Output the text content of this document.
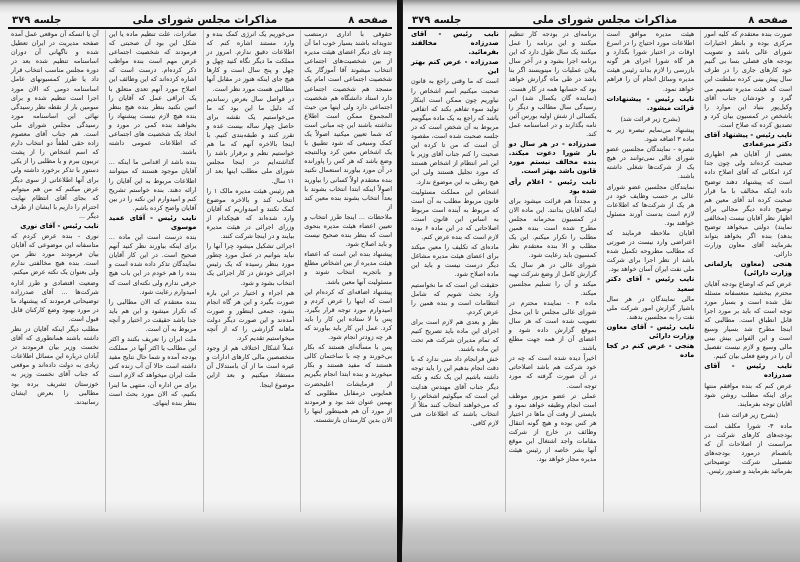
صفحه ۸
مذاکرات مجلس شورای ملی
جلسه ۳۷۹

حقوقی با اداری درمنصب تدویدانه باشند بسیار خوب اما آن چند تای دیگر اعضای هیئت مدیره از بین شخصیت‌های اجتماعی انتخاب میشوند آقا آموزگار یک شخصیت اجتماعی است امام یک مسجد هم شخصیت اجتماعی دارد استاد دانشگاه هم شخصیت اجتماعی دارد ولی اینها من حیث المجموع ممکن است اطلاع نداشته باشند این چه مبانی است که شما تعیین میکنید اصولاً یک کمک وسیعی که شود تطبیق با یک اشخاص معین کرد وبالنتیجه وضع باشد که هر کس را پاورانده در آن مورد بیاورند استعمال نکنید بنده معتقدم اولاً کسانی را بیاورید اصولاً اینکه ابتدا انتخاب بشوند با بعداً انتخاب بشوند بنده معین کند از

ملاحظات ... اینجا طرز انتخاب و تعیین اعضاء هیئت مدیره بنحوی است که بنظر بنده صحیح نیست و باید اصلاح شود.

پیشنهاد بنده این است که اعضاء هیئت مدیره از بین اشخاص مطلع و باتجربه انتخاب شوند و مسئولیت آنها معین باشد.

پیشنهاد اضافه‌ای که کرده‌ام این است که اینها را عرض کردم و امیدوارم مورد توجه قرار بگیرد. پس با لا ستاده این کار را باید کرد. عمل این کار باید بیاورند که هر چه زودتر انجام شود.

پس با مسأله‌ای هستند که بکار بی‌خورند و چه با ساختمان کالی هستند که مفید هستند و بکار میخورند و بنده ابتدا انجام بگیریم از فرمایشات اعلیحضرت همایونی درمقابل مطلوبی که بهمین عنوان شد بود و فرمودند از مورد آن هم همینطور اینها را الان بدین کارمندان بازنشسته.

می‌خوریم یک انرژی کمک بنده و وارد مستند اشاره کنم که اطلاعات دقیق ندارم. امروز در مملکت ما دیگر نگاه کنید چهل و چهل و پنج سال است و کارها هیچ جای اینکه هنوز در مقابل آنها مطالبی هست مورد نظر است.

در فواصل سال بعرض رساندیم که دلیل ما این بود که ما می‌خواستیم یک نقشه برای حاصل چهار ساله بیست عده و تقرر کنند و طبقه‌بندی کنیم. با اینجا بالاخره آنهم که ما هم خواستیم نظم و برقرار باشد را گذاشته‌ایم در اینجا مجلس شورای ملی مطلب اینها بعد از ۱۱ سال.

هم رئیس هیئت مدیره مالک ۱ را انتخاب کند و بالاخره موضوع کمک نکنند و امیدواریم که آقایان وارد شده‌اند که هیچکدام از وزرای اجرائی در هیئت مدیره بیایند و در اینجا شرکت کنند.

اجرائی تشکیل میشود چرا آنها را نباید بتوانیم در عمل مورد چطور مورد بنظر رسیده که یک رئیس اجرائی خودش در کار اجرائی یک انتخاب بشود و شود.

هم اجراء و اختیار در این باره صورت بگیرد و این هر گاه انجام بشود. جمعی اینطور و صورت آمده‌ند و این صورت دیگر دولت ماهانه گزارشی را که از آنچه میخواستیم تقدیم کرد.

عملاً اشکال اختلاف هم از وجود متخصصین مالی کارهای ادارات و غیره است ما از آن باستدلال آن مستفاد میکنیم و بعد ازاین موضوع اینجا.

صادرات، علت تنظیم ماده یا این شکل این بود آن صحبتی که فرمودند که شخصیت اجتماعی غرض مهم است بنده مواظب ذکر کرده‌ام. درست است که اشاره کرده‌اند که این وظائف این اصلاح مورد آنهم تعدی متعلق با یک اتراقی عمل که آقایان را اتبین نکنید بنظر بنده هیچ بنظر بنده هیچ لازم نیست پیشنهاد را بخواهند بنده کمی در مورد و اتخاذ یک شخصیت های اجتماعی که اطلاعات عمومی داشته باشند.

بنده باشد از اقدامی ما اینکه ... آقایان موجود هستند که میتوانند اطلاعات مربوط به این آقایان را ارائه دهند. بنده خواستم تشریح کنم و امیدوارم این نکته را در بین آقایان واضح کرده باشم.

نایب رئیس - آقای عمید موسوی

بنده درست است این ماده ... برای اینکه بیاورند نظر کنید آنهم صحیح است. در این کار آقایان نمایندگان تذکر داده شده است و بنده را هم خودم در این باب هیچ حرفی ندارم ولی نکته‌ای است که امیدوارم رعایت شود.

بنده معتقدم که الان مطالبی را که تکرار میشود و این هم باید جدا باشد حقیقت در اختیار و آنچه مربوط به آن است.

ملت ایران را تعریف بکنند و اکثر این مطالب یا اکثر آنها در مملکت بودجه آمده و شما حال نتایج مفید داشته است حالا آن آب زنده کنی ملت ایران میخواهد که لازم است برای من اداره آن، منتهی ما اینرا بکنیم، که الان مورد بحث است بنظر بنده اینهای.

آن یا انسکه آن موقعی عمل آمده صفحه مدیریت در ایران تعطیل شده و ناگهانی آن دوران اساسنامه تنظیم شده بعد در دوره مجلس مناسب انتخاب قرار داد یا طرز کمسیونهای عامل اساسنامه دومی که الان مورد اجرا است تنظیم شده و برای سومین بار از نقطه نظر رسیدگی نهائی این اساسنامه مورد رسیدگی مجلس شورای ملی است. هم جناب آقای معصوم زاده حقی لطفاً دو انتخاب دارم که اسم اشخاص را از پشت تریبون ببرم و یا مطلبی را از یکی دستور با تذکر برخورد داشته ولی برای آنها اطلاعاتی از سوی دیگر عرض میکنم که من هم میتوانم که بجای آقای انتظام نهایت احترام را داریم با ایشان از طرف دیگر ...

نایب رئیس - آقای نوری

نوری - بنده عرض کردم که متاسفانه این موضوعی که آقایان بیان فرمودند مورد نظر من است. بنده هیچ مخالفتی ندارم ولی بعنوان یک نکته عرض میکنم.

وضعیت اقتصادی و طرز اداره شرکت‌ها ... آقای صدرزاده توضیحاتی فرمودند که پیشنهاد ما در مورد بهبود وضع کارکنان قابل قبول است.

مطلب دیگر اینکه آقایان در نظر داشته باشند همانطوری که آقای نخست وزیر بیان فرمودند در آبادان درباره این مسائل اطلاعات زیادی به دولت داده‌اند و موقعی که جناب آقای نخست وزیر به خوزستان تشریف برده بود مطالبی را بعرض ایشان رسانیدند.

صفحه ۸
مذاکرات مجلس شورای ملی
جلسه ۳۷۹

صورت بنده معتقدم که کلیه امور مرکزی بوده و بانظر اختیارات شورای عالی باشد و تصویب بودجه های فصلی بسا بی گنیم خود کارهای جاری را در طرف سال پیش بینی کرده سلطنت این است که هیئت مدیره تصمیم می گیرد و خودشان جناب آقای وکیل‌پور بنیاد این موارد را باشخص در کمسیون بیان کرد و تصدیق کرده که صلاح است.

نایب رئیس - پیشنهاد آقای دکتر میرعمادی

بعضی از آقایان هم اظهاری صحبت کرده‌اند ولی چون جدا کرد امکانی که آقای اصلاح داده است که پیشنهاد دهند توضیح داده اینکه مخالف با ما قرار صحبت کرده اند آقای معین هم توضیح داده دیگر مجالی برای اظهار نظر آقایان نیست (مخالفی نمایند) دولتی میخواهد توضیح بدهد) بنده اگر بخواهد بتواند بفرمایند آقای معاون وزارت دارائی.

هنجی (معاون پارلمانی وزارت دارائی)

عرض کنم که اوضاع بودجه آقایان محترم ببخشید متعسفانه مسئله نقل شده است و بسیار مورد توجه است که باید بر مورد اجرا قابل انطباق است. مطالبی که اینجا مطرح شد بسیار وسیع است و این الفوانی بیش بینی مالی وسیع و لازم نیست تفصیل آن را در وضع فعلی بیان کنیم.

نایب رئیس - آقای صدرزاده

عرض کنم که بنده موافقم منتها برای اینکه مطلب روشن شود آقایان توجه بفرمایند.

(بشرح زیر قرائت شد)

ماده ۳- شورا مکلف است بودجه‌های کارهای شرکت در مراسمت از اصلاحات آن که بانضمام درمورد بودجه‌های تفصیلی شرکت توضیحاتی بفرمائید بفرمایند و صدور رئیس.

هیئت مدیره موافق است اطلاعات مورد احتیاج را در اسرع اوقات در اختیار شورا بگذارد و هر گاه شورا اجرای هر گونه بازرسی را لازم بداند رئیس هیئت مدیره وسائل انجام آن را فراهم خواهد نمود.

نایب رئیس - پیشنهادات قرائت میشود.

(بشرح زیر قرائت شد)

پیشنهاد می‌نمایم تبصره زیر به ماده ۳ اضافه شود.

تبصره - نمایندگان مجلسین عضو شورای عالی نمی‌توانند در هیچ یک از شرکت‌ها شغلی داشته باشند.

نمایندگان مجلسین عضو شورای عالی بر حسب وظایف خود در هر یک از شرکت‌ها که اطلاعات لازم است بدست آورند مسئول خواهند بود.

آقایان ملاحظه فرمایند که اعتراضی وارد نیست در صورتی که مطالب مطروحه تکمیل شده باشد از نظر اجرا برای شرکت ملی نفت ایران آسان خواهد بود.

نایب رئیس - آقای دکتر سعید

مالی نمایندگان در هر سال باشیار گزارش امور شرکت ملی نفت را به مجلسین بدهند.

نایب رئیس - آقای معاون وزارت دارائی

هنجی - عرض کنم در کجا ماده

برنامه‌ای در بودجه کار تنظیم میکنند و این برنامه را عمل میکنند یک سال طول دارد که این برنامه اجرا بشود و در آخر سال بیلان عملیات را مینویسند اگر بنا باشد در طی ماه گزارش خواهد بود که حسابها همه در کار هست. (نماینده گان یکسال شد) این رسیدگی سال مطالب و دیگر را یکسالی از شش اولیه بورس آئین نامه بگذارند و در اساسنامه عمل کند.

صدرزاده - در هر سال دو بار شورا دعوت میکند. بنده مخالف نیستم مورد قانون باشد بهتر است.

نایب رئیس - اعلام رأی شده بود

و مجدداً هم قرائت میشود برای اینکه آقایان بدانند. این ماده الان در کمسیون محرمانه مجلس مطرح شده است بنده همین مطلب را تکرار میکنم. این یک مطلب و الا بنده معتقدم نظر کمسیون باید رعایت شود.

شورای عالی در هر سال یک گزارش کامل از وضع شرکت تهیه میکند و آن را تسلیم مجلسین میکند.

ماده ۴ - نماینده محترم در شورای عالی مجلس تا این محل تصویب شده است که هر سال بموقع گزارش داده شود و اعضای آن از همه جهت مطلع باشند.

اخیراً دیده شده است که چه در خود شرکت هم باشد اصلاحاتی در آن صورت گرفته که مورد توجه است.

عملی تر عضو مزبور موظف است انجام وظیفه خواهد نمود و بایستی از وقت آن ماها در اختیار هر کس بوده و هیچ گونه انتقال وظائف در خارج از شرکت مقامات واجد اشتغال این موقع آنها بشر خاصه از رئیس هیئت مدیره مجاز خواهد بود.

نایب رئیس - آقای صدرزاده مخالفند بفرمائید.

صدرزاده - عرض کنم بهتر این

است که ما وقتی راجع به قانون صحبت میکنیم اسم اشخاص را نیاوریم چون ممکن است اینکار تولید سوء تفاهم بکند که اتفاقی باشد که راجع به یک ماده میگوییم مربوط به آن شخص است که در جلسه صحبت شده است، مقصود آن است که من تا کرده این صحبت را کنم جناب آقای وزیر با این امر انتظام از اشخاص هستند که مورد تجلیل هستند ولی این هیچ ربطی به این موضوع ندارد.

اشخاص این مملکت مسئولیت قانون مربوط مطلب به آن است که مربوط به آینده است مربوط به اساس این قانون است. اصلاحاتی که در این ماده ۶ بوده لازم است که بنده عرض کنم.

ماده‌ای که تکلیف را معین میکند برای اعضای هیئت مدیره مشاغل دیگر درست نیست و باید این ماده اصلاح شود.

حقیقت این است که ما نخواستیم وارد بحث شویم که شامل انتظامات است و بنده همین را عرض کردم.

نظر و بعدی هم لازم است برای اجرای این ماده باید تصریح کنیم که تمام مدیران شرکت هم تحت این ماده باشند.

خش فرانجام داد منی ندارد که با دقت انجام بدهیم این را باید توجه داشته باشیم این یک نکته و نکته دیگر جناب آقای مهندس هدایت این است که میگوئیم اشخاص را که می‌خواهند انتخاب کنند مثلاً از انتخاب باشند که اطلاعات فنی لازم کافی.
